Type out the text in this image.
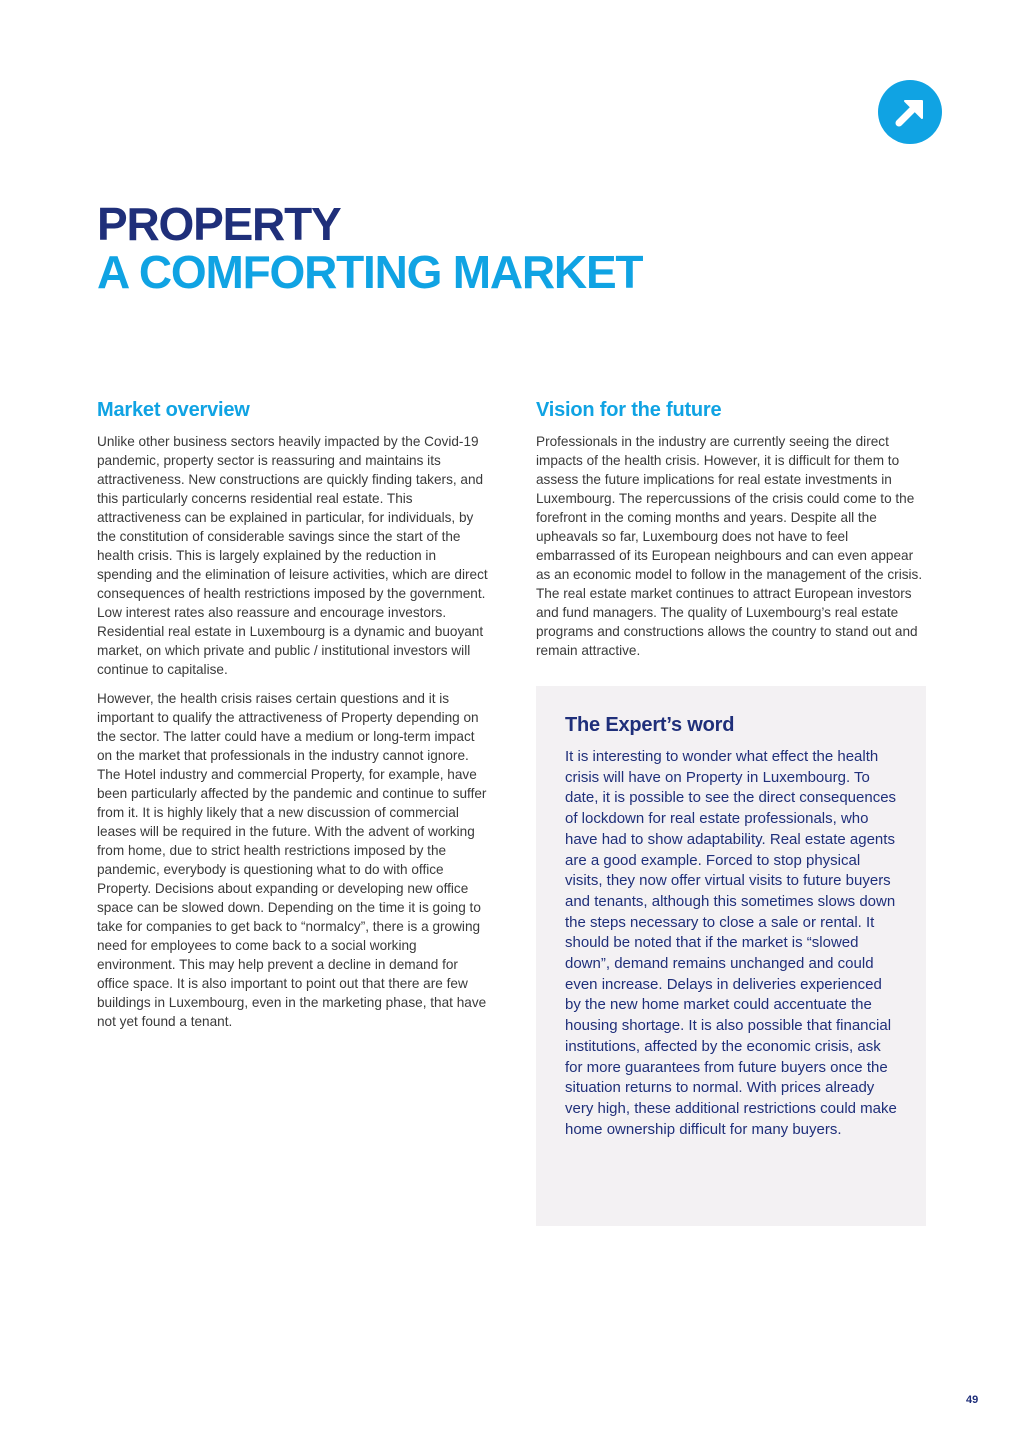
PROPERTY
A COMFORTING MARKET
Market overview

Unlike other business sectors heavily impacted by the Covid-19 pandemic, property sector is reassuring and maintains its attractiveness. New constructions are quickly finding takers, and this particularly concerns residential real estate. This attractiveness can be explained in particular, for individuals, by the constitution of considerable savings since the start of the health crisis. This is largely explained by the reduction in spending and the elimination of leisure activities, which are direct consequences of health restrictions imposed by the government. Low interest rates also reassure and encourage investors. Residential real estate in Luxembourg is a dynamic and buoyant market, on which private and public / institutional investors will continue to capitalise.

However, the health crisis raises certain questions and it is important to qualify the attractiveness of Property depending on the sector. The latter could have a medium or long-term impact on the market that professionals in the industry cannot ignore. The Hotel industry and commercial Property, for example, have been particularly affected by the pandemic and continue to suffer from it. It is highly likely that a new discussion of commercial leases will be required in the future. With the advent of working from home, due to strict health restrictions imposed by the pandemic, everybody is questioning what to do with office Property. Decisions about expanding or developing new office space can be slowed down. Depending on the time it is going to take for companies to get back to “normalcy”, there is a growing need for employees to come back to a social working environment. This may help prevent a decline in demand for office space. It is also important to point out that there are few buildings in Luxembourg, even in the marketing phase, that have not yet found a tenant.

Vision for the future

Professionals in the industry are currently seeing the direct impacts of the health crisis. However, it is difficult for them to assess the future implications for real estate investments in Luxembourg. The repercussions of the crisis could come to the forefront in the coming months and years. Despite all the upheavals so far, Luxembourg does not have to feel embarrassed of its European neighbours and can even appear as an economic model to follow in the management of the crisis. The real estate market continues to attract European investors and fund managers. The quality of Luxembourg’s real estate programs and constructions allows the country to stand out and remain attractive.

The Expert’s word

It is interesting to wonder what effect the health crisis will have on Property in Luxembourg. To date, it is possible to see the direct consequences of lockdown for real estate professionals, who have had to show adaptability. Real estate agents are a good example. Forced to stop physical visits, they now offer virtual visits to future buyers and tenants, although this sometimes slows down the steps necessary to close a sale or rental. It should be noted that if the market is “slowed down”, demand remains unchanged and could even increase. Delays in deliveries experienced by the new home market could accentuate the housing shortage. It is also possible that financial institutions, affected by the economic crisis, ask for more guarantees from future buyers once the situation returns to normal. With prices already very high, these additional restrictions could make home ownership difficult for many buyers.

49
